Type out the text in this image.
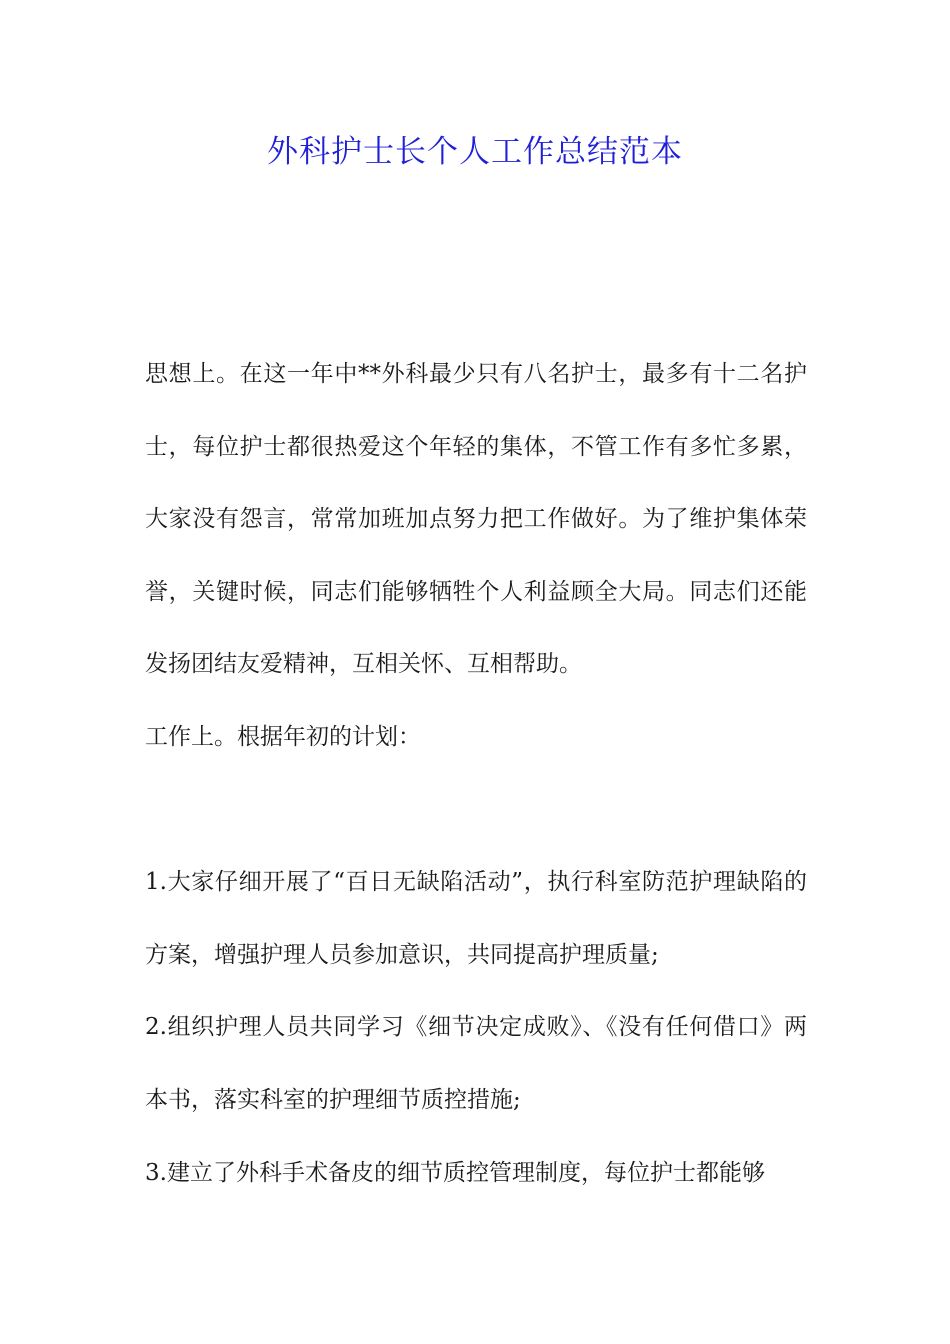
外科护士长个人工作总结范本

思想上。在这一年中**外科最少只有八名护士，最多有十二名护士，每位护士都很热爱这个年轻的集体，不管工作有多忙多累，大家没有怨言，常常加班加点努力把工作做好。为了维护集体荣誉，关键时候，同志们能够牺牲个人利益顾全大局。同志们还能发扬团结友爱精神，互相关怀、互相帮助。

工作上。根据年初的计划：

1.大家仔细开展了“百日无缺陷活动”，执行科室防范护理缺陷的方案，增强护理人员参加意识，共同提高护理质量;

2.组织护理人员共同学习《细节决定成败》、《没有任何借口》两本书，落实科室的护理细节质控措施;

3.建立了外科手术备皮的细节质控管理制度，每位护士都能够
